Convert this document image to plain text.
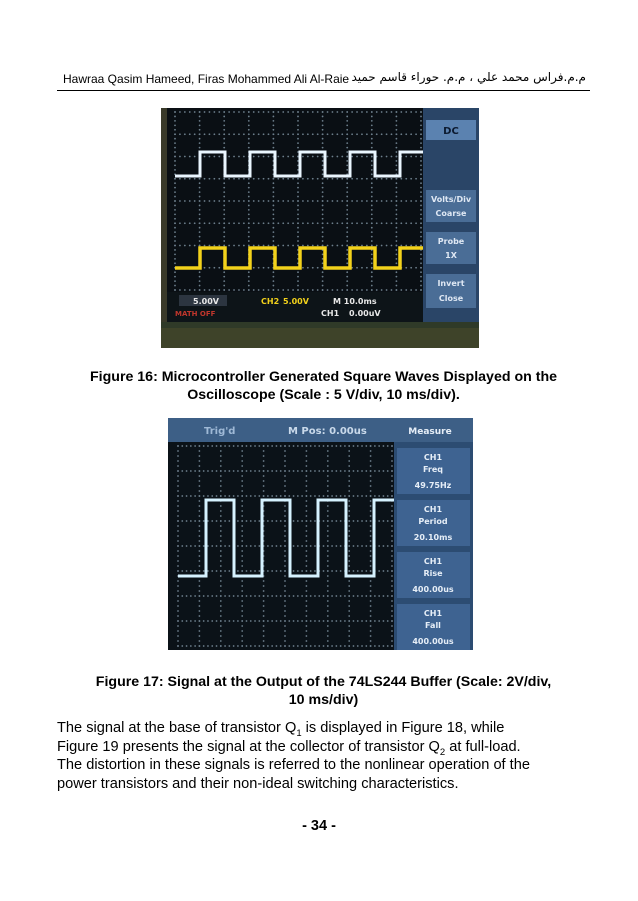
Hawraa Qasim Hameed, Firas Mohammed Ali Al-Raie م.م.فراس محمد علي ، م.م. حوراء قاسم حميد
DC
Volts/Div
Coarse
Probe
1X
Invert
Close
5.00V	CH2 5.00V	M 10.0ms
CH1 0.00uV
MATH OFF
Figure 16: Microcontroller Generated Square Waves Displayed on the
Oscilloscope (Scale : 5 V/div, 10 ms/div).
Trig'd	M Pos: 0.00us	Measure
CH1
Freq
49.75Hz
CH1
Period
20.10ms
CH1
Rise
400.00us
CH1
Fall
400.00us
Figure 17: Signal at the Output of the 74LS244 Buffer (Scale: 2V/div,
10 ms/div)
The signal at the base of transistor $Q_1$ is displayed in Figure 18, while
Figure 19 presents the signal at the collector of transistor $Q_2$ at full-load.
The distortion in these signals is referred to the nonlinear operation of the
power transistors and their non-ideal switching characteristics.
- 34 -
